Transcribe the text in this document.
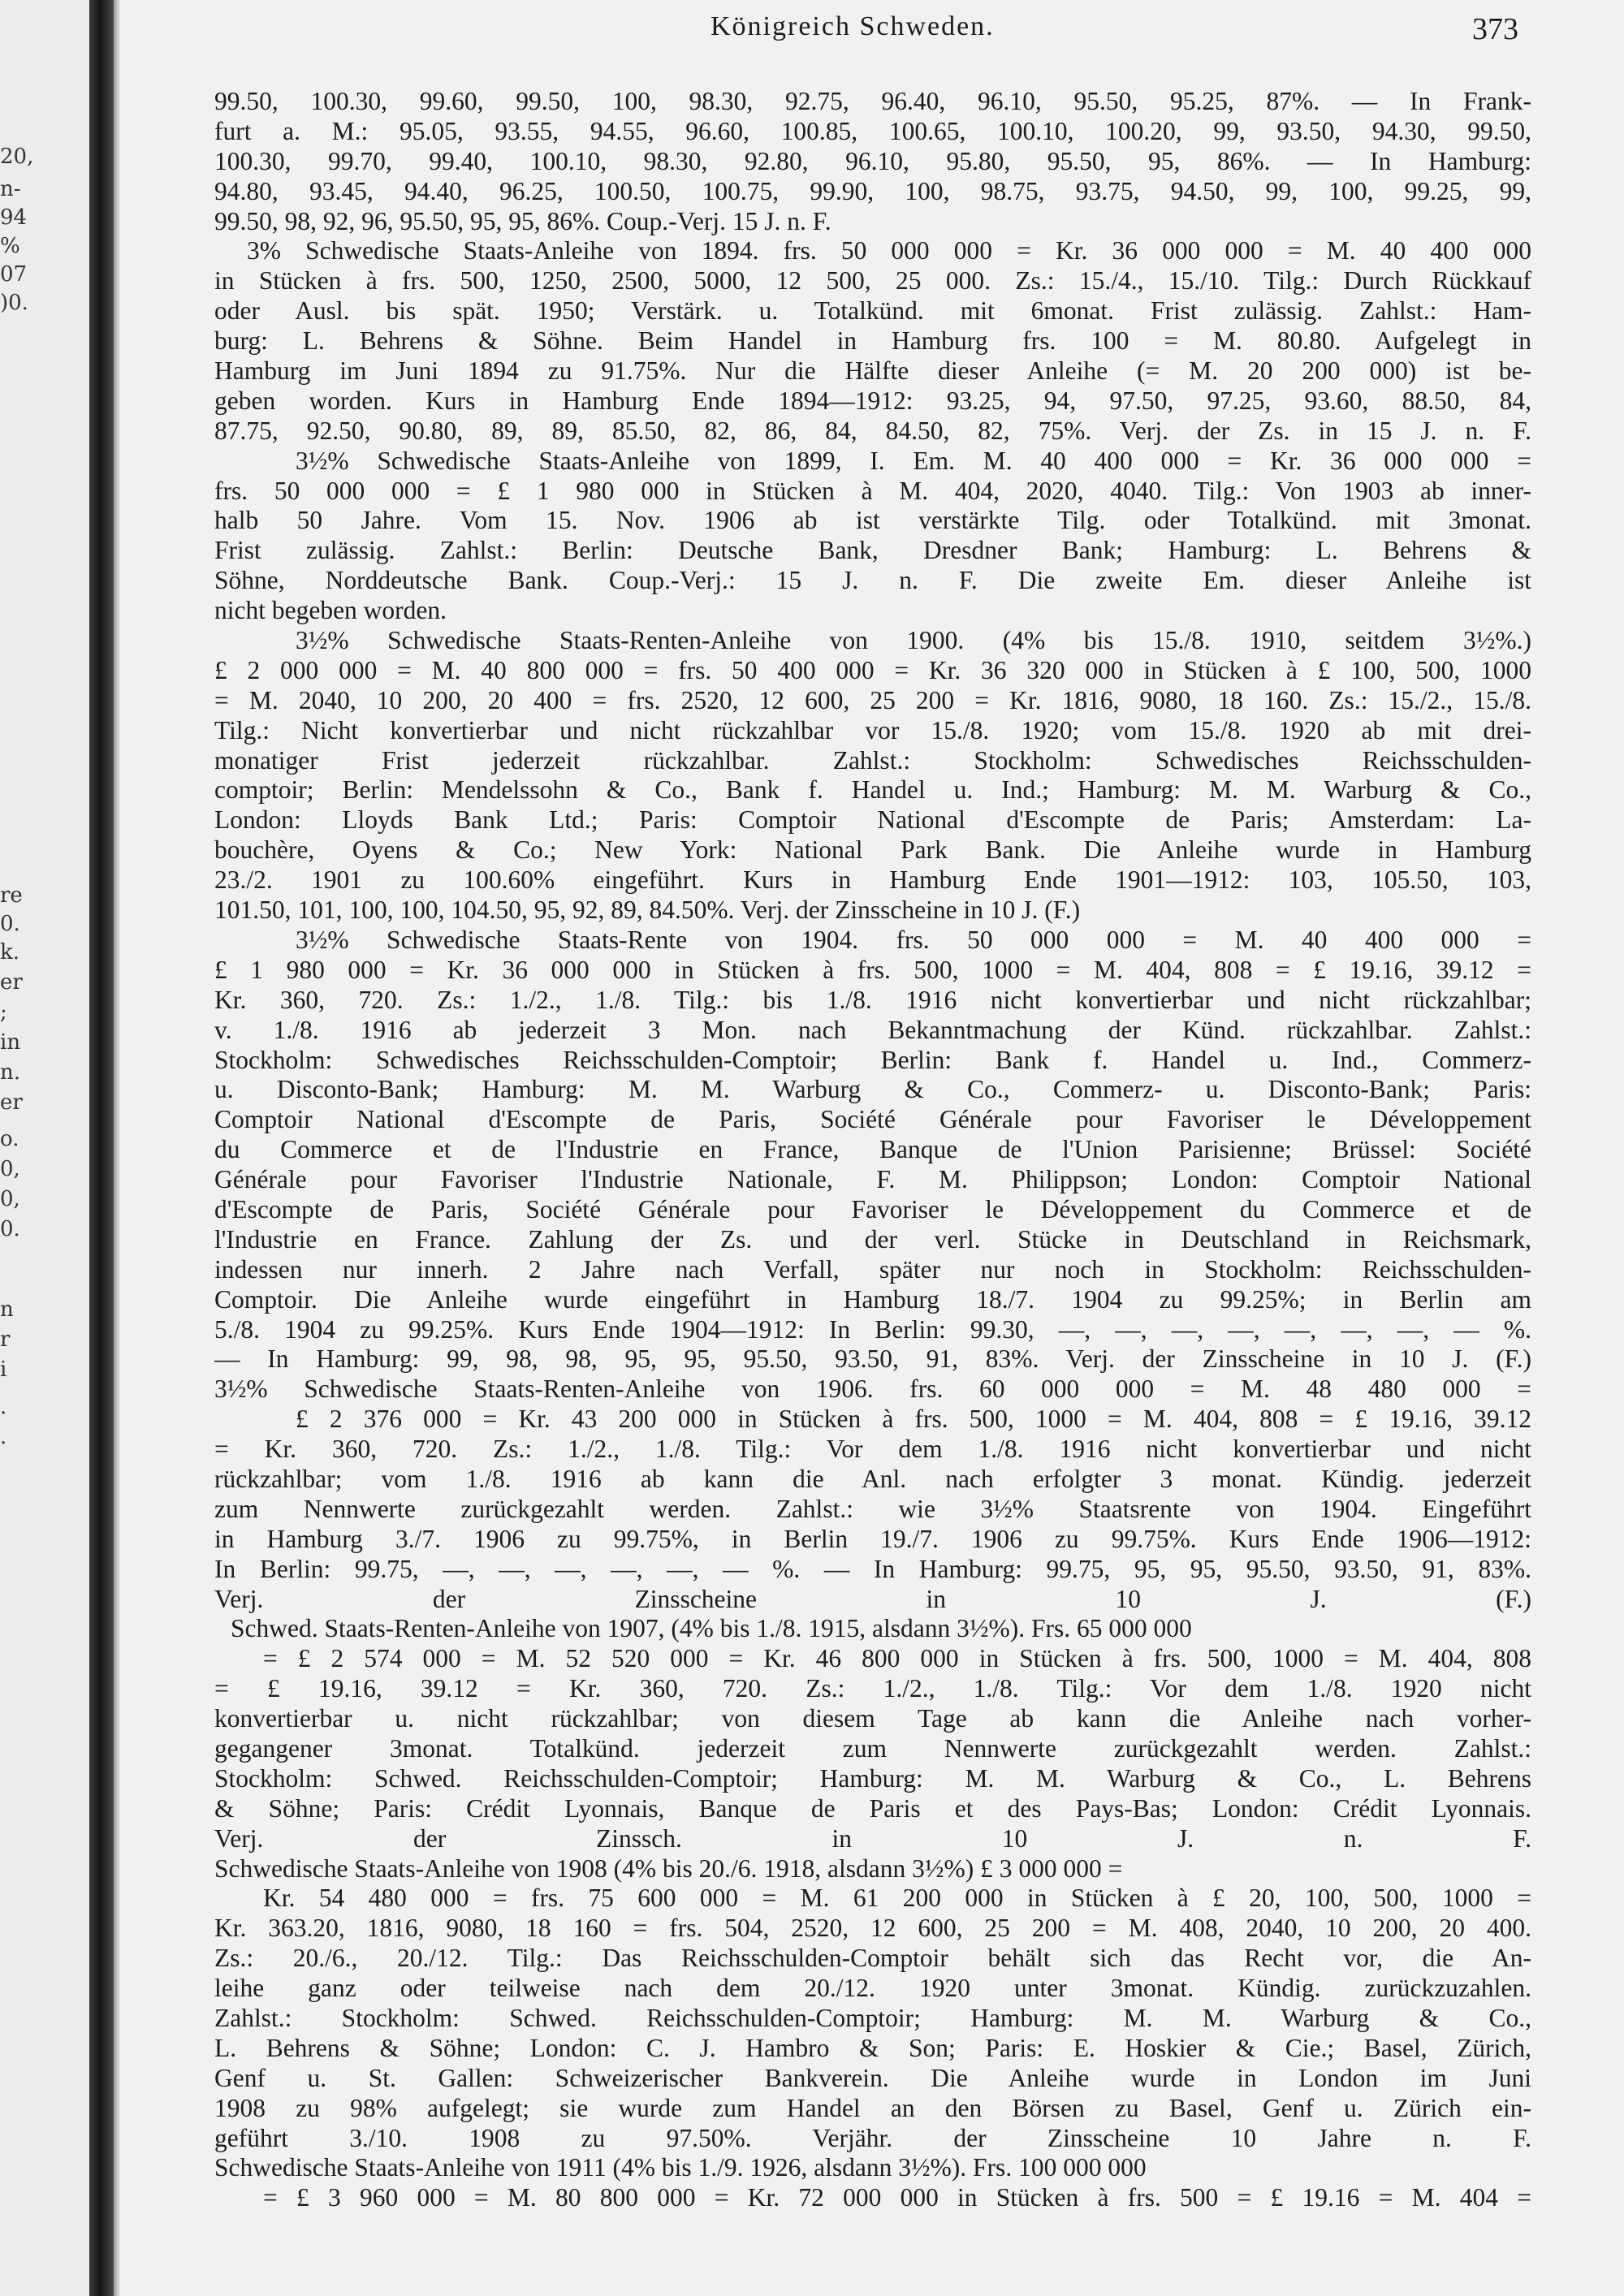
20,
n-
94
%
07
)0.
re
0.
k.
er
;
in
n.
er
o.
0,
0,
0.
n
r
i
.
.
Königreich Schweden.	373
99.50, 100.30, 99.60, 99.50, 100, 98.30, 92.75, 96.40, 96.10, 95.50, 95.25, 87%. — In Frank-
furt a. M.: 95.05, 93.55, 94.55, 96.60, 100.85, 100.65, 100.10, 100.20, 99, 93.50, 94.30, 99.50,
100.30, 99.70, 99.40, 100.10, 98.30, 92.80, 96.10, 95.80, 95.50, 95, 86%. — In Hamburg:
94.80, 93.45, 94.40, 96.25, 100.50, 100.75, 99.90, 100, 98.75, 93.75, 94.50, 99, 100, 99.25, 99,
99.50, 98, 92, 96, 95.50, 95, 95, 86%. Coup.-Verj. 15 J. n. F.
3% Schwedische Staats-Anleihe von 1894. frs. 50 000 000 = Kr. 36 000 000 = M. 40 400 000
in Stücken à frs. 500, 1250, 2500, 5000, 12 500, 25 000. Zs.: 15./4., 15./10. Tilg.: Durch Rückkauf
oder Ausl. bis spät. 1950; Verstärk. u. Totalkünd. mit 6monat. Frist zulässig. Zahlst.: Ham-
burg: L. Behrens & Söhne. Beim Handel in Hamburg frs. 100 = M. 80.80. Aufgelegt in
Hamburg im Juni 1894 zu 91.75%. Nur die Hälfte dieser Anleihe (= M. 20 200 000) ist be-
geben worden. Kurs in Hamburg Ende 1894—1912: 93.25, 94, 97.50, 97.25, 93.60, 88.50, 84,
87.75, 92.50, 90.80, 89, 89, 85.50, 82, 86, 84, 84.50, 82, 75%. Verj. der Zs. in 15 J. n. F.
3½% Schwedische Staats-Anleihe von 1899, I. Em. M. 40 400 000 = Kr. 36 000 000 =
frs. 50 000 000 = £ 1 980 000 in Stücken à M. 404, 2020, 4040. Tilg.: Von 1903 ab inner-
halb 50 Jahre. Vom 15. Nov. 1906 ab ist verstärkte Tilg. oder Totalkünd. mit 3monat.
Frist zulässig. Zahlst.: Berlin: Deutsche Bank, Dresdner Bank; Hamburg: L. Behrens &
Söhne, Norddeutsche Bank. Coup.-Verj.: 15 J. n. F. Die zweite Em. dieser Anleihe ist
nicht begeben worden.
3½% Schwedische Staats-Renten-Anleihe von 1900. (4% bis 15./8. 1910, seitdem 3½%.)
£ 2 000 000 = M. 40 800 000 = frs. 50 400 000 = Kr. 36 320 000 in Stücken à £ 100, 500, 1000
= M. 2040, 10 200, 20 400 = frs. 2520, 12 600, 25 200 = Kr. 1816, 9080, 18 160. Zs.: 15./2., 15./8.
Tilg.: Nicht konvertierbar und nicht rückzahlbar vor 15./8. 1920; vom 15./8. 1920 ab mit drei-
monatiger Frist jederzeit rückzahlbar. Zahlst.: Stockholm: Schwedisches Reichsschulden-
comptoir; Berlin: Mendelssohn & Co., Bank f. Handel u. Ind.; Hamburg: M. M. Warburg & Co.,
London: Lloyds Bank Ltd.; Paris: Comptoir National d'Escompte de Paris; Amsterdam: La-
bouchère, Oyens & Co.; New York: National Park Bank. Die Anleihe wurde in Hamburg
23./2. 1901 zu 100.60% eingeführt. Kurs in Hamburg Ende 1901—1912: 103, 105.50, 103,
101.50, 101, 100, 100, 104.50, 95, 92, 89, 84.50%. Verj. der Zinsscheine in 10 J. (F.)
3½% Schwedische Staats-Rente von 1904. frs. 50 000 000 = M. 40 400 000 =
£ 1 980 000 = Kr. 36 000 000 in Stücken à frs. 500, 1000 = M. 404, 808 = £ 19.16, 39.12 =
Kr. 360, 720. Zs.: 1./2., 1./8. Tilg.: bis 1./8. 1916 nicht konvertierbar und nicht rückzahlbar;
v. 1./8. 1916 ab jederzeit 3 Mon. nach Bekanntmachung der Künd. rückzahlbar. Zahlst.:
Stockholm: Schwedisches Reichsschulden-Comptoir; Berlin: Bank f. Handel u. Ind., Commerz-
u. Disconto-Bank; Hamburg: M. M. Warburg & Co., Commerz- u. Disconto-Bank; Paris:
Comptoir National d'Escompte de Paris, Société Générale pour Favoriser le Développement
du Commerce et de l'Industrie en France, Banque de l'Union Parisienne; Brüssel: Société
Générale pour Favoriser l'Industrie Nationale, F. M. Philippson; London: Comptoir National
d'Escompte de Paris, Société Générale pour Favoriser le Développement du Commerce et de
l'Industrie en France. Zahlung der Zs. und der verl. Stücke in Deutschland in Reichsmark,
indessen nur innerh. 2 Jahre nach Verfall, später nur noch in Stockholm: Reichsschulden-
Comptoir. Die Anleihe wurde eingeführt in Hamburg 18./7. 1904 zu 99.25%; in Berlin am
5./8. 1904 zu 99.25%. Kurs Ende 1904—1912: In Berlin: 99.30, —, —, —, —, —, —, —, — %.
— In Hamburg: 99, 98, 98, 95, 95, 95.50, 93.50, 91, 83%. Verj. der Zinsscheine in 10 J. (F.)
3½% Schwedische Staats-Renten-Anleihe von 1906. frs. 60 000 000 = M. 48 480 000 =
£ 2 376 000 = Kr. 43 200 000 in Stücken à frs. 500, 1000 = M. 404, 808 = £ 19.16, 39.12
= Kr. 360, 720. Zs.: 1./2., 1./8. Tilg.: Vor dem 1./8. 1916 nicht konvertierbar und nicht
rückzahlbar; vom 1./8. 1916 ab kann die Anl. nach erfolgter 3 monat. Kündig. jederzeit
zum Nennwerte zurückgezahlt werden. Zahlst.: wie 3½% Staatsrente von 1904. Eingeführt
in Hamburg 3./7. 1906 zu 99.75%, in Berlin 19./7. 1906 zu 99.75%. Kurs Ende 1906—1912:
In Berlin: 99.75, —, —, —, —, —, — %. — In Hamburg: 99.75, 95, 95, 95.50, 93.50, 91, 83%.
Verj. der Zinsscheine in 10 J. (F.)
Schwed. Staats-Renten-Anleihe von 1907, (4% bis 1./8. 1915, alsdann 3½%). Frs. 65 000 000
= £ 2 574 000 = M. 52 520 000 = Kr. 46 800 000 in Stücken à frs. 500, 1000 = M. 404, 808
= £ 19.16, 39.12 = Kr. 360, 720. Zs.: 1./2., 1./8. Tilg.: Vor dem 1./8. 1920 nicht
konvertierbar u. nicht rückzahlbar; von diesem Tage ab kann die Anleihe nach vorher-
gegangener 3monat. Totalkünd. jederzeit zum Nennwerte zurückgezahlt werden. Zahlst.:
Stockholm: Schwed. Reichsschulden-Comptoir; Hamburg: M. M. Warburg & Co., L. Behrens
& Söhne; Paris: Crédit Lyonnais, Banque de Paris et des Pays-Bas; London: Crédit Lyonnais.
Verj. der Zinssch. in 10 J. n. F.
Schwedische Staats-Anleihe von 1908 (4% bis 20./6. 1918, alsdann 3½%) £ 3 000 000 =
Kr. 54 480 000 = frs. 75 600 000 = M. 61 200 000 in Stücken à £ 20, 100, 500, 1000 =
Kr. 363.20, 1816, 9080, 18 160 = frs. 504, 2520, 12 600, 25 200 = M. 408, 2040, 10 200, 20 400.
Zs.: 20./6., 20./12. Tilg.: Das Reichsschulden-Comptoir behält sich das Recht vor, die An-
leihe ganz oder teilweise nach dem 20./12. 1920 unter 3monat. Kündig. zurückzuzahlen.
Zahlst.: Stockholm: Schwed. Reichsschulden-Comptoir; Hamburg: M. M. Warburg & Co.,
L. Behrens & Söhne; London: C. J. Hambro & Son; Paris: E. Hoskier & Cie.; Basel, Zürich,
Genf u. St. Gallen: Schweizerischer Bankverein. Die Anleihe wurde in London im Juni
1908 zu 98% aufgelegt; sie wurde zum Handel an den Börsen zu Basel, Genf u. Zürich ein-
geführt 3./10. 1908 zu 97.50%. Verjähr. der Zinsscheine 10 Jahre n. F.
Schwedische Staats-Anleihe von 1911 (4% bis 1./9. 1926, alsdann 3½%). Frs. 100 000 000
= £ 3 960 000 = M. 80 800 000 = Kr. 72 000 000 in Stücken à frs. 500 = £ 19.16 = M. 404 =
